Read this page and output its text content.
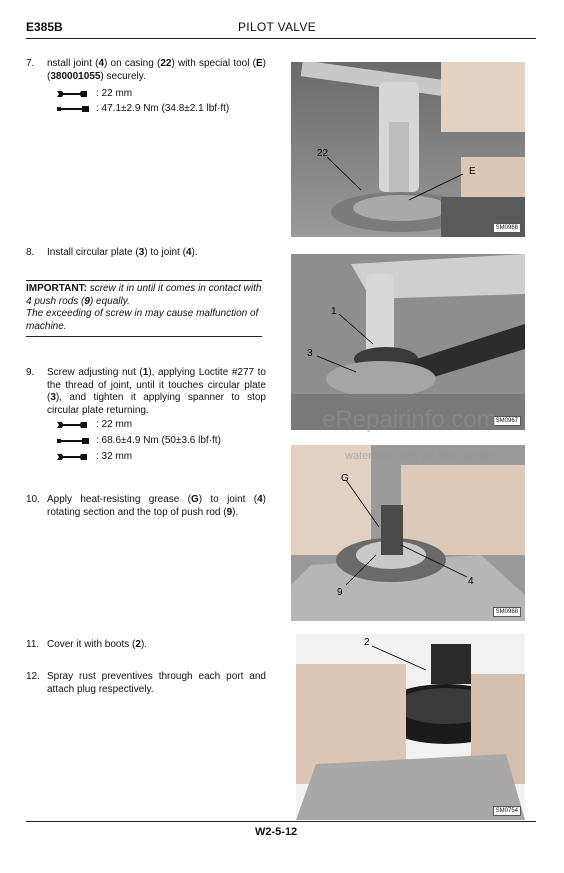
E385B	PILOT VALVE
7.	nstall joint (4) on casing (22) with special tool (E) (380001055) securely.
: 22 mm
: 47.1±2.9 Nm (34.8±2.1 lbf·ft)
8.	Install circular plate (3) to joint (4).
IMPORTANT: screw it in until it comes in contact with 4 push rods (9) equally.
The exceeding of screw in may cause malfunction of machine.
9.	Screw adjusting nut (1), applying Loctite #277 to the thread of joint, until it touches circular plate (3), and tighten it applying spanner to stop circular plate returning.
: 22 mm
: 68.6±4.9 Nm (50±3.6 lbf·ft)
: 32 mm
10. Apply heat-resisting grease (G) to joint (4) rotating section and the top of push rod (9).
11. Cover it with boots (2).
12. Spray rust preventives through each port and attach plug respectively.
22
E
SM0966
1
3
SM0967
G
9
4
SM0968
2
SM0754
eRepairinfo.com
watermark only on this sample
W2-5-12
